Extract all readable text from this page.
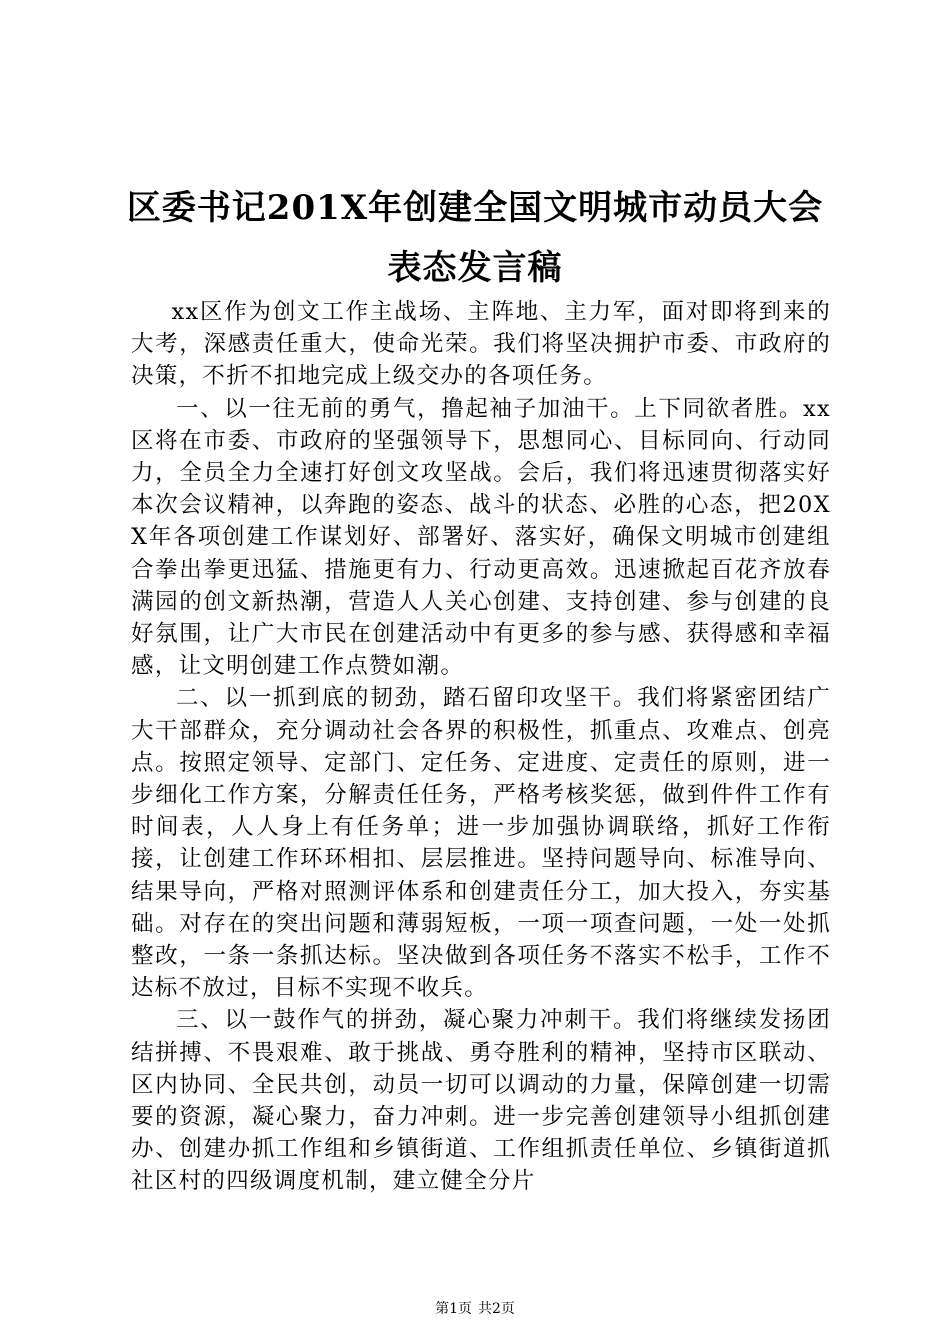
区委书记201X年创建全国文明城市动员大会
表态发言稿

xx区作为创文工作主战场、主阵地、主力军，面对即将到来的大考，深感责任重大，使命光荣。我们将坚决拥护市委、市政府的决策，不折不扣地完成上级交办的各项任务。

一、以一往无前的勇气，撸起袖子加油干。上下同欲者胜。xx区将在市委、市政府的坚强领导下，思想同心、目标同向、行动同力，全员全力全速打好创文攻坚战。会后，我们将迅速贯彻落实好本次会议精神，以奔跑的姿态、战斗的状态、必胜的心态，把20XX年各项创建工作谋划好、部署好、落实好，确保文明城市创建组合拳出拳更迅猛、措施更有力、行动更高效。迅速掀起百花齐放春满园的创文新热潮，营造人人关心创建、支持创建、参与创建的良好氛围，让广大市民在创建活动中有更多的参与感、获得感和幸福感，让文明创建工作点赞如潮。

二、以一抓到底的韧劲，踏石留印攻坚干。我们将紧密团结广大干部群众，充分调动社会各界的积极性，抓重点、攻难点、创亮点。按照定领导、定部门、定任务、定进度、定责任的原则，进一步细化工作方案，分解责任任务，严格考核奖惩，做到件件工作有时间表，人人身上有任务单；进一步加强协调联络，抓好工作衔接，让创建工作环环相扣、层层推进。坚持问题导向、标准导向、结果导向，严格对照测评体系和创建责任分工，加大投入，夯实基础。对存在的突出问题和薄弱短板，一项一项查问题，一处一处抓整改，一条一条抓达标。坚决做到各项任务不落实不松手，工作不达标不放过，目标不实现不收兵。

三、以一鼓作气的拼劲，凝心聚力冲刺干。我们将继续发扬团结拼搏、不畏艰难、敢于挑战、勇夺胜利的精神，坚持市区联动、区内协同、全民共创，动员一切可以调动的力量，保障创建一切需要的资源，凝心聚力，奋力冲刺。进一步完善创建领导小组抓创建办、创建办抓工作组和乡镇街道、工作组抓责任单位、乡镇街道抓社区村的四级调度机制，建立健全分片

第1页 共2页
